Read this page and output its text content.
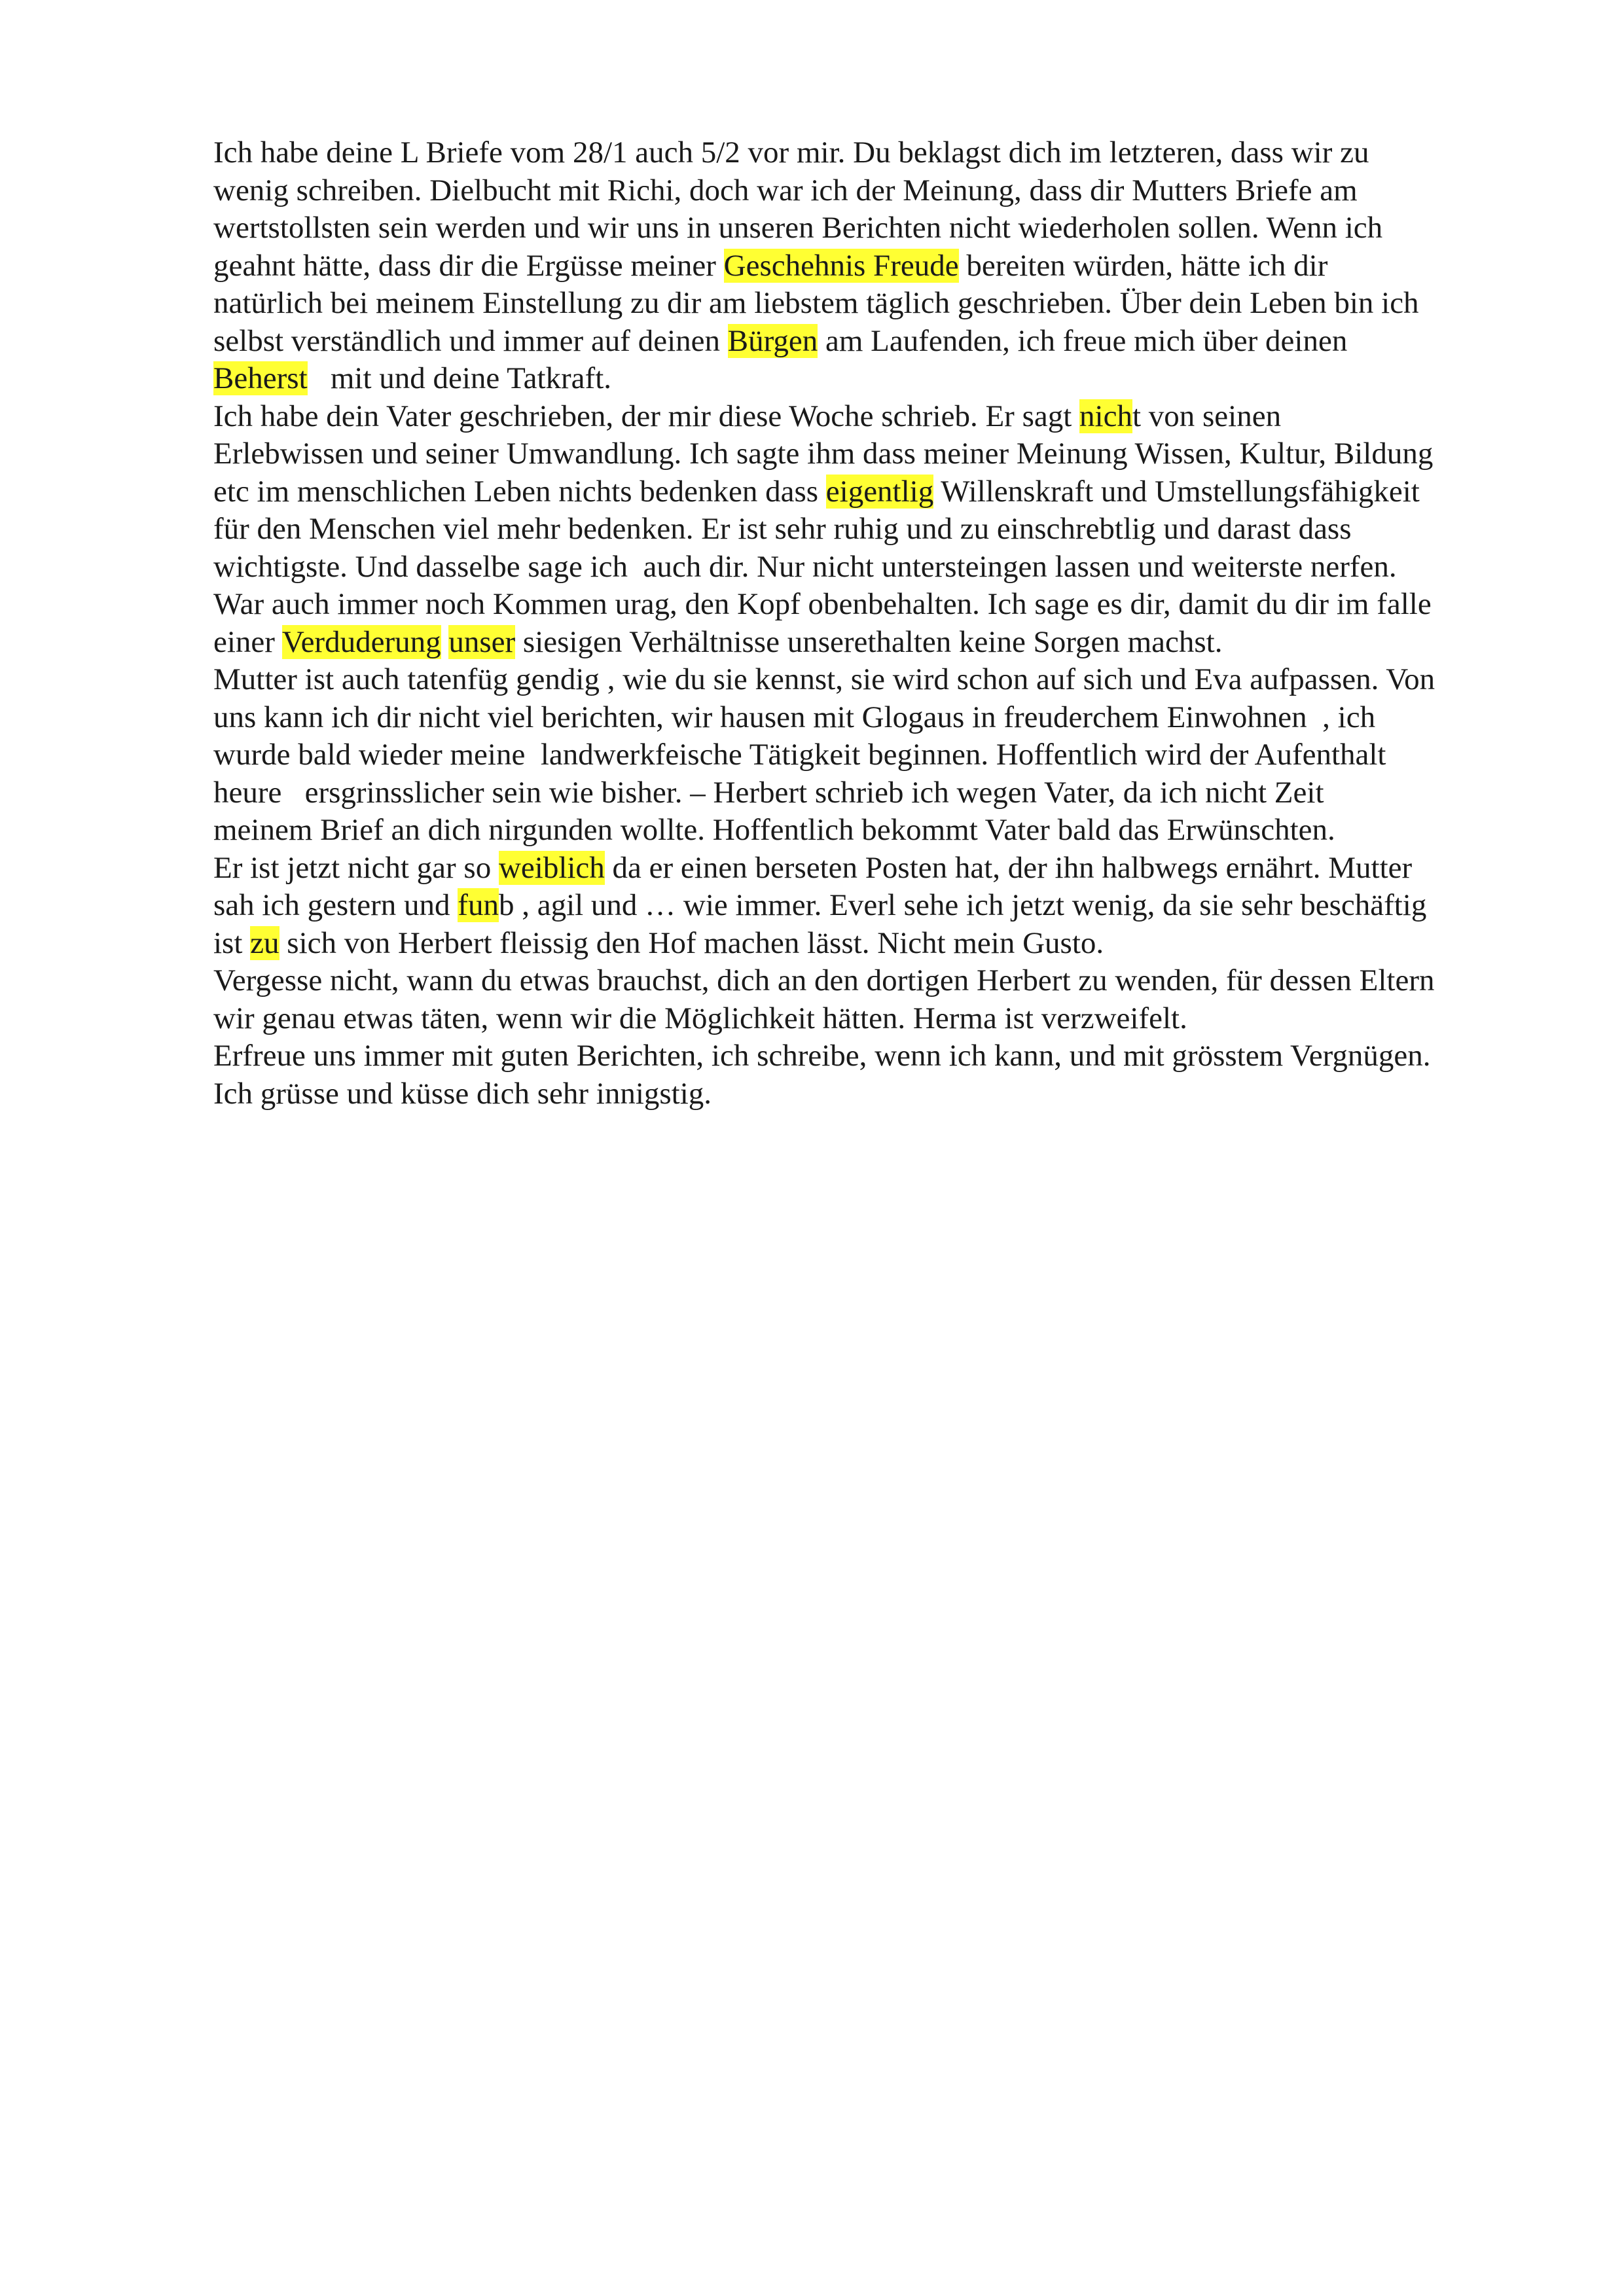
Ich habe deine L Briefe vom 28/1 auch 5/2 vor mir. Du beklagst dich im letzteren, dass wir zu
wenig schreiben. Dielbucht mit Richi, doch war ich der Meinung, dass dir Mutters Briefe am
wertstollsten sein werden und wir uns in unseren Berichten nicht wiederholen sollen. Wenn ich
geahnt hätte, dass dir die Ergüsse meiner Geschehnis Freude bereiten würden, hätte ich dir
natürlich bei meinem Einstellung zu dir am liebstem täglich geschrieben. Über dein Leben bin ich
selbst verständlich und immer auf deinen Bürgen am Laufenden, ich freue mich über deinen
Beherst   mit und deine Tatkraft.
Ich habe dein Vater geschrieben, der mir diese Woche schrieb. Er sagt nicht von seinen
Erlebwissen und seiner Umwandlung. Ich sagte ihm dass meiner Meinung Wissen, Kultur, Bildung
etc im menschlichen Leben nichts bedenken dass eigentlig Willenskraft und Umstellungsfähigkeit
für den Menschen viel mehr bedenken. Er ist sehr ruhig und zu einschrebtlig und darast dass
wichtigste. Und dasselbe sage ich  auch dir. Nur nicht untersteingen lassen und weiterste nerfen.
War auch immer noch Kommen urag, den Kopf obenbehalten. Ich sage es dir, damit du dir im falle
einer Verduderung unser siesigen Verhältnisse unserethalten keine Sorgen machst.
Mutter ist auch tatenfüg gendig , wie du sie kennst, sie wird schon auf sich und Eva aufpassen. Von
uns kann ich dir nicht viel berichten, wir hausen mit Glogaus in freuderchem Einwohnen  , ich
wurde bald wieder meine  landwerkfeische Tätigkeit beginnen. Hoffentlich wird der Aufenthalt
heure   ersgrinsslicher sein wie bisher. – Herbert schrieb ich wegen Vater, da ich nicht Zeit
meinem Brief an dich nirgunden wollte. Hoffentlich bekommt Vater bald das Erwünschten.
Er ist jetzt nicht gar so weiblich da er einen berseten Posten hat, der ihn halbwegs ernährt. Mutter
sah ich gestern und funb , agil und … wie immer. Everl sehe ich jetzt wenig, da sie sehr beschäftig
ist zu sich von Herbert fleissig den Hof machen lässt. Nicht mein Gusto.
Vergesse nicht, wann du etwas brauchst, dich an den dortigen Herbert zu wenden, für dessen Eltern
wir genau etwas täten, wenn wir die Möglichkeit hätten. Herma ist verzweifelt.
Erfreue uns immer mit guten Berichten, ich schreibe, wenn ich kann, und mit grösstem Vergnügen.
Ich grüsse und küsse dich sehr innigstig.
